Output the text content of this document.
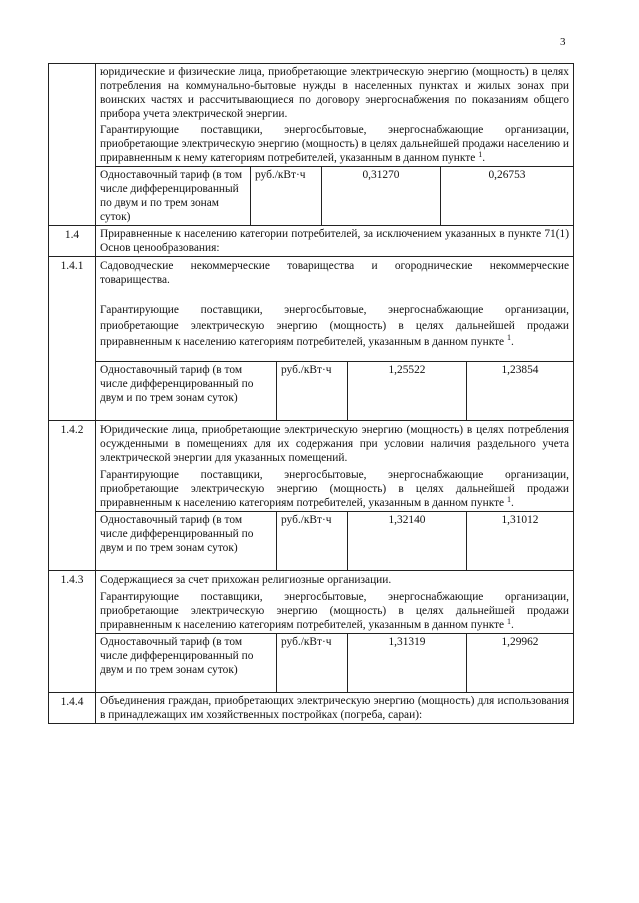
3

юридические и физические лица, приобретающие электрическую энергию (мощность) в целях потребления на коммунально-бытовые нужды в населенных пунктах и жилых зонах при воинских частях и рассчитывающиеся по договору энергоснабжения по показаниям общего прибора учета электрической энергии.
Гарантирующие поставщики, энергосбытовые, энергоснабжающие организации, приобретающие электрическую энергию (мощность) в целях дальнейшей продажи населению и приравненным к нему категориям потребителей, указанным в данном пункте $^1$.
Одноставочный тариф (в том числе дифференцированный по двум и по трем зонам суток)	руб./кВт·ч	0,31270	0,26753

1.4	Приравненные к населению категории потребителей, за исключением указанных в пункте 71(1) Основ ценообразования:
1.4.1	Садоводческие некоммерческие товарищества и огороднические некоммерческие товарищества.
Гарантирующие поставщики, энергосбытовые, энергоснабжающие организации, приобретающие электрическую энергию (мощность) в целях дальнейшей продажи приравненным к населению категориям потребителей, указанным в данном пункте $^1$.
Одноставочный тариф (в том числе дифференцированный по двум и по трем зонам суток)	руб./кВт·ч	1,25522	1,23854

1.4.2	Юридические лица, приобретающие электрическую энергию (мощность) в целях потребления осужденными в помещениях для их содержания при условии наличия раздельного учета электрической энергии для указанных помещений.
Гарантирующие поставщики, энергосбытовые, энергоснабжающие организации, приобретающие электрическую энергию (мощность) в целях дальнейшей продажи приравненным к населению категориям потребителей, указанным в данном пункте $^1$.
Одноставочный тариф (в том числе дифференцированный по двум и по трем зонам суток)	руб./кВт·ч	1,32140	1,31012

1.4.3	Содержащиеся за счет прихожан религиозные организации.
Гарантирующие поставщики, энергосбытовые, энергоснабжающие организации, приобретающие электрическую энергию (мощность) в целях дальнейшей продажи приравненным к населению категориям потребителей, указанным в данном пункте $^1$.
Одноставочный тариф (в том числе дифференцированный по двум и по трем зонам суток)	руб./кВт·ч	1,31319	1,29962

1.4.4	Объединения граждан, приобретающих электрическую энергию (мощность) для использования в принадлежащих им хозяйственных постройках (погреба, сараи):
